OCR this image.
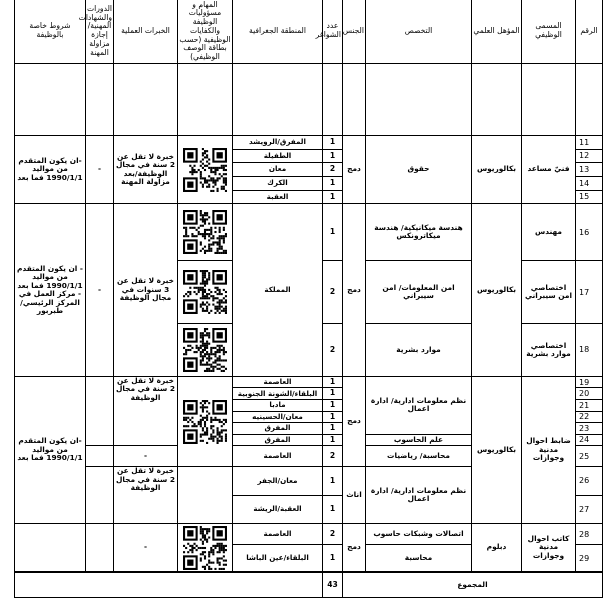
الرقم	المسمى الوظيفي	المؤهل العلمي	التخصص	الجنس	عدد الشواغر	المنطقة الجغرافية	المهام و مسؤوليات الوظيفة والكفايات الوظيفية (حسب بطاقة الوصف الوظيفي)	الخبرات العملية	الدورات والشهادات المهنية/ إجازة مزاولة المهنة	شروط خاصة بالوظيفة

11	فنيّ مساعد	بكالوريوس	حقوق	دمج	1	المفرق/الرويشد		خبرة لا تقل عن 2 سنة في مجال الوظيفة/بعد مزاولة المهنة	-	-ان يكون المتقدم من مواليد 1990/1/1 فما بعد
12					1	الطفيلة				
13					2	معان				
14					1	الكرك				
15					1	العقبة				
16	مهندس	بكالوريوس	هندسة ميكانيكية/ هندسة ميكاترونكس	دمج	1	المملكة		خبرة لا تقل عن 3 سنوات في مجال الوظيفة	-	- ان يكون المتقدم من مواليد 1990/1/1 فما بعد - مركز العمل في المركز الرئيسي/طبربور
17	اختصاصي امن سيبراني		امن المعلومات/ امن سيبراني		2	

18	اختصاصي موارد بشرية		موارد بشرية		2	

19	ضابط احوال مدنية وجوازات	بكالوريوس	نظم معلومات ادارية/ ادارة اعمال	دمج	1	العاصمة		خبرة لا تقل عن 2 سنة في مجال الوظيفة		-ان يكون المتقدم من مواليد 1990/1/1 فما بعد
20					1	البلقاء/الشونة الجنوبية				
21					1	مادبا				
22					1	معان/الحسينيه				
23					1	المفرق				
24			علم الحاسوب		1	المفرق				
25			محاسبة/ رياضيات		2	العاصمة		-		
26			نظم معلومات ادارية/ ادارة اعمال	اناث	1	معان/الجفر		خبرة لا تقل عن 2 سنة في مجال الوظيفة		
27					1	العقبة/الريشة				
28	كاتب احوال مدنية وجوازات	دبلوم	اتصالات وشبكات حاسوب	دمج	2	العاصمة		-		
29			محاسبة		1	البلقاء/عين الباشا				
المجموع					43					
